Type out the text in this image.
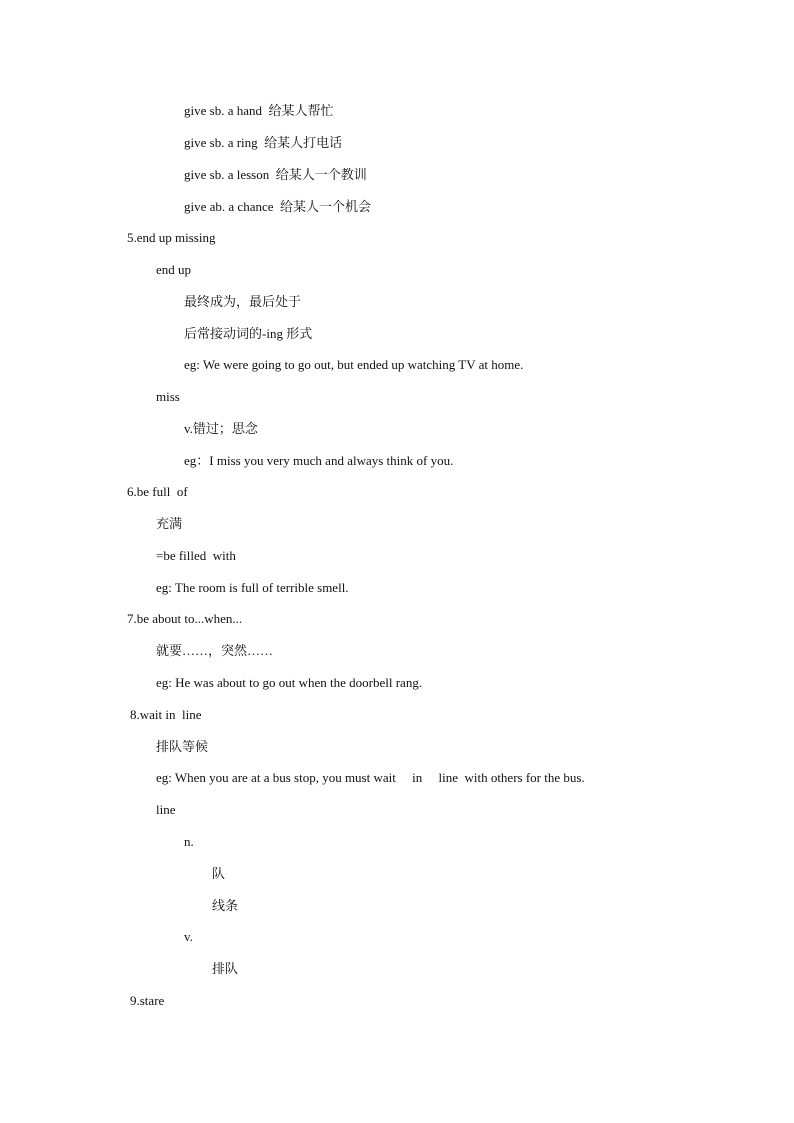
give sb. a hand  给某人帮忙
give sb. a ring  给某人打电话
give sb. a lesson  给某人一个教训
give ab. a chance  给某人一个机会
5.end up missing
end up
最终成为，最后处于
后常接动词的-ing 形式
eg: We were going to go out, but ended up watching TV at home.
miss
v.错过；思念
eg：I miss you very much and always think of you.
6.be full  of
充满
=be filled  with
eg: The room is full of terrible smell.
7.be about to...when...
就要……，突然……
eg: He was about to go out when the doorbell rang.
8.wait in  line
排队等候
eg: When you are at a bus stop, you must wait     in     line  with others for the bus.
line
n.
队
线条
v.
排队
9.stare
